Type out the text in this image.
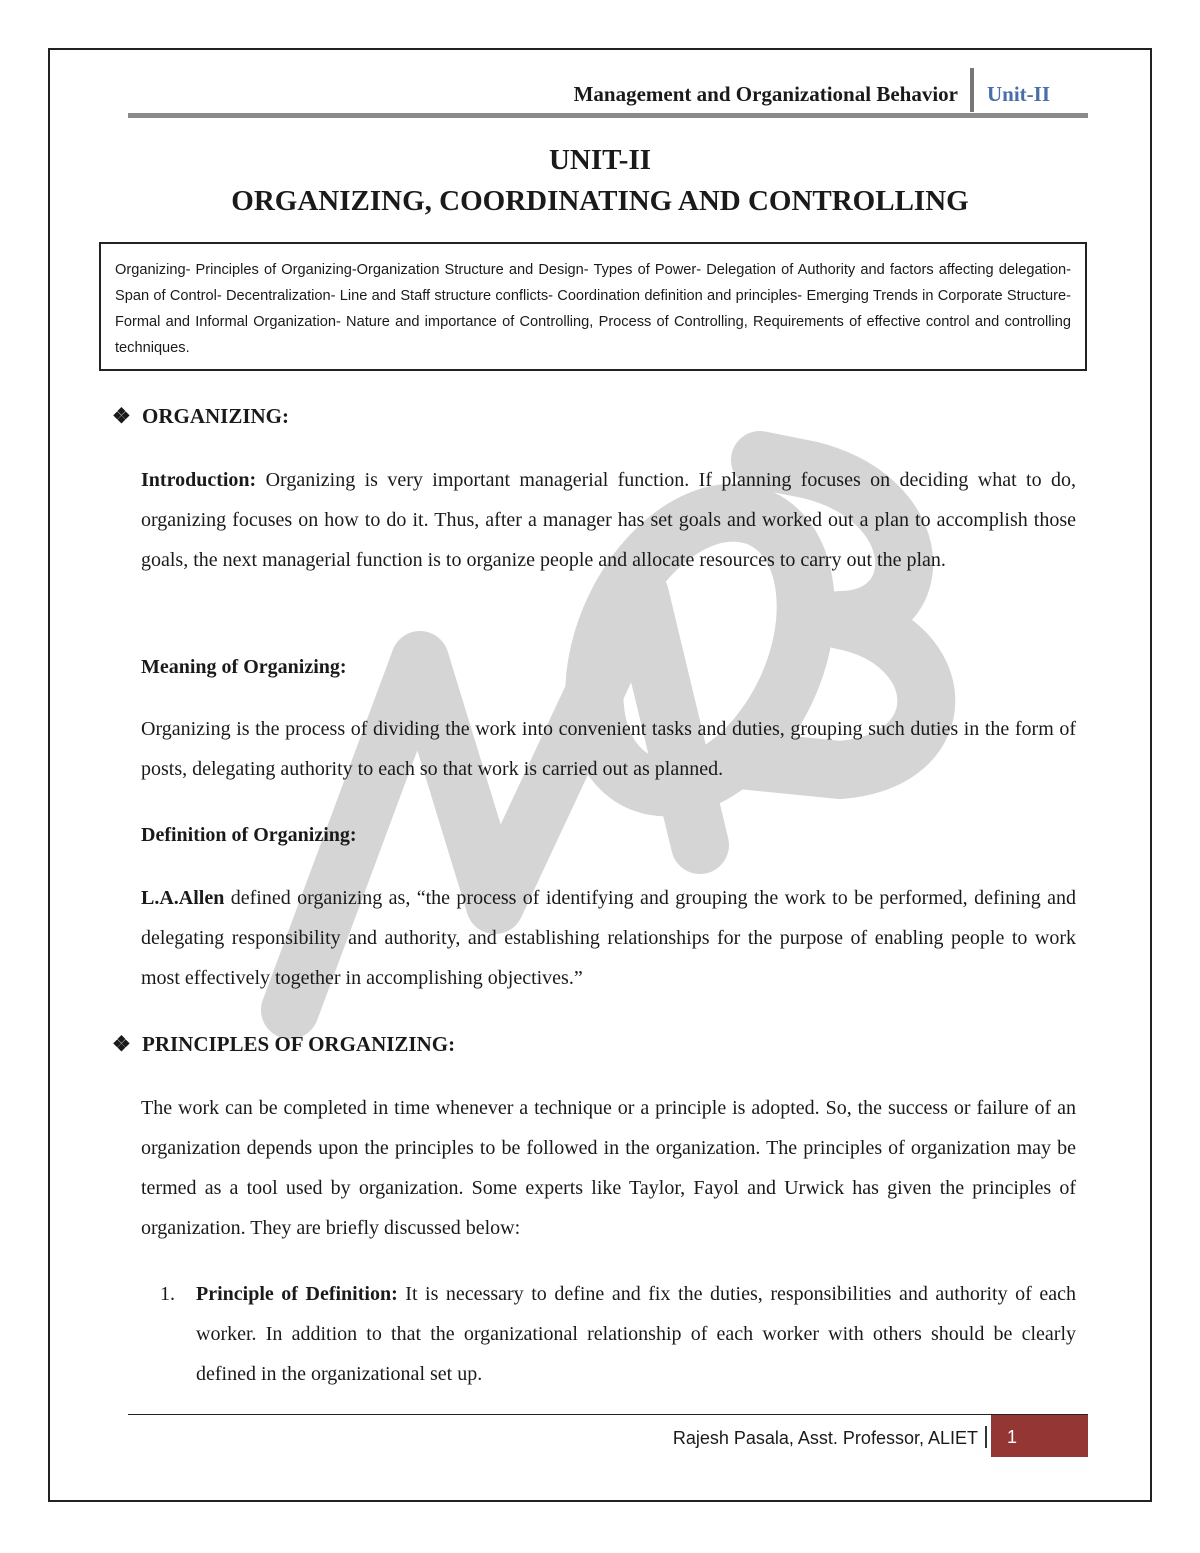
Management and Organizational Behavior Unit-II
UNIT-II
ORGANIZING, COORDINATING AND CONTROLLING
Organizing- Principles of Organizing-Organization Structure and Design- Types of Power- Delegation of Authority and factors affecting delegation- Span of Control- Decentralization- Line and Staff structure conflicts- Coordination definition and principles- Emerging Trends in Corporate Structure- Formal and Informal Organization- Nature and importance of Controlling, Process of Controlling, Requirements of effective control and controlling techniques.
❖ ORGANIZING:
Introduction: Organizing is very important managerial function. If planning focuses on deciding what to do, organizing focuses on how to do it. Thus, after a manager has set goals and worked out a plan to accomplish those goals, the next managerial function is to organize people and allocate resources to carry out the plan.
Meaning of Organizing:
Organizing is the process of dividing the work into convenient tasks and duties, grouping such duties in the form of posts, delegating authority to each so that work is carried out as planned.
Definition of Organizing:
L.A.Allen defined organizing as, “the process of identifying and grouping the work to be performed, defining and delegating responsibility and authority, and establishing relationships for the purpose of enabling people to work most effectively together in accomplishing objectives.”
❖ PRINCIPLES OF ORGANIZING:
The work can be completed in time whenever a technique or a principle is adopted. So, the success or failure of an organization depends upon the principles to be followed in the organization. The principles of organization may be termed as a tool used by organization. Some experts like Taylor, Fayol and Urwick has given the principles of organization. They are briefly discussed below:
1. Principle of Definition: It is necessary to define and fix the duties, responsibilities and authority of each worker. In addition to that the organizational relationship of each worker with others should be clearly defined in the organizational set up.
Rajesh Pasala, Asst. Professor, ALIET	1
